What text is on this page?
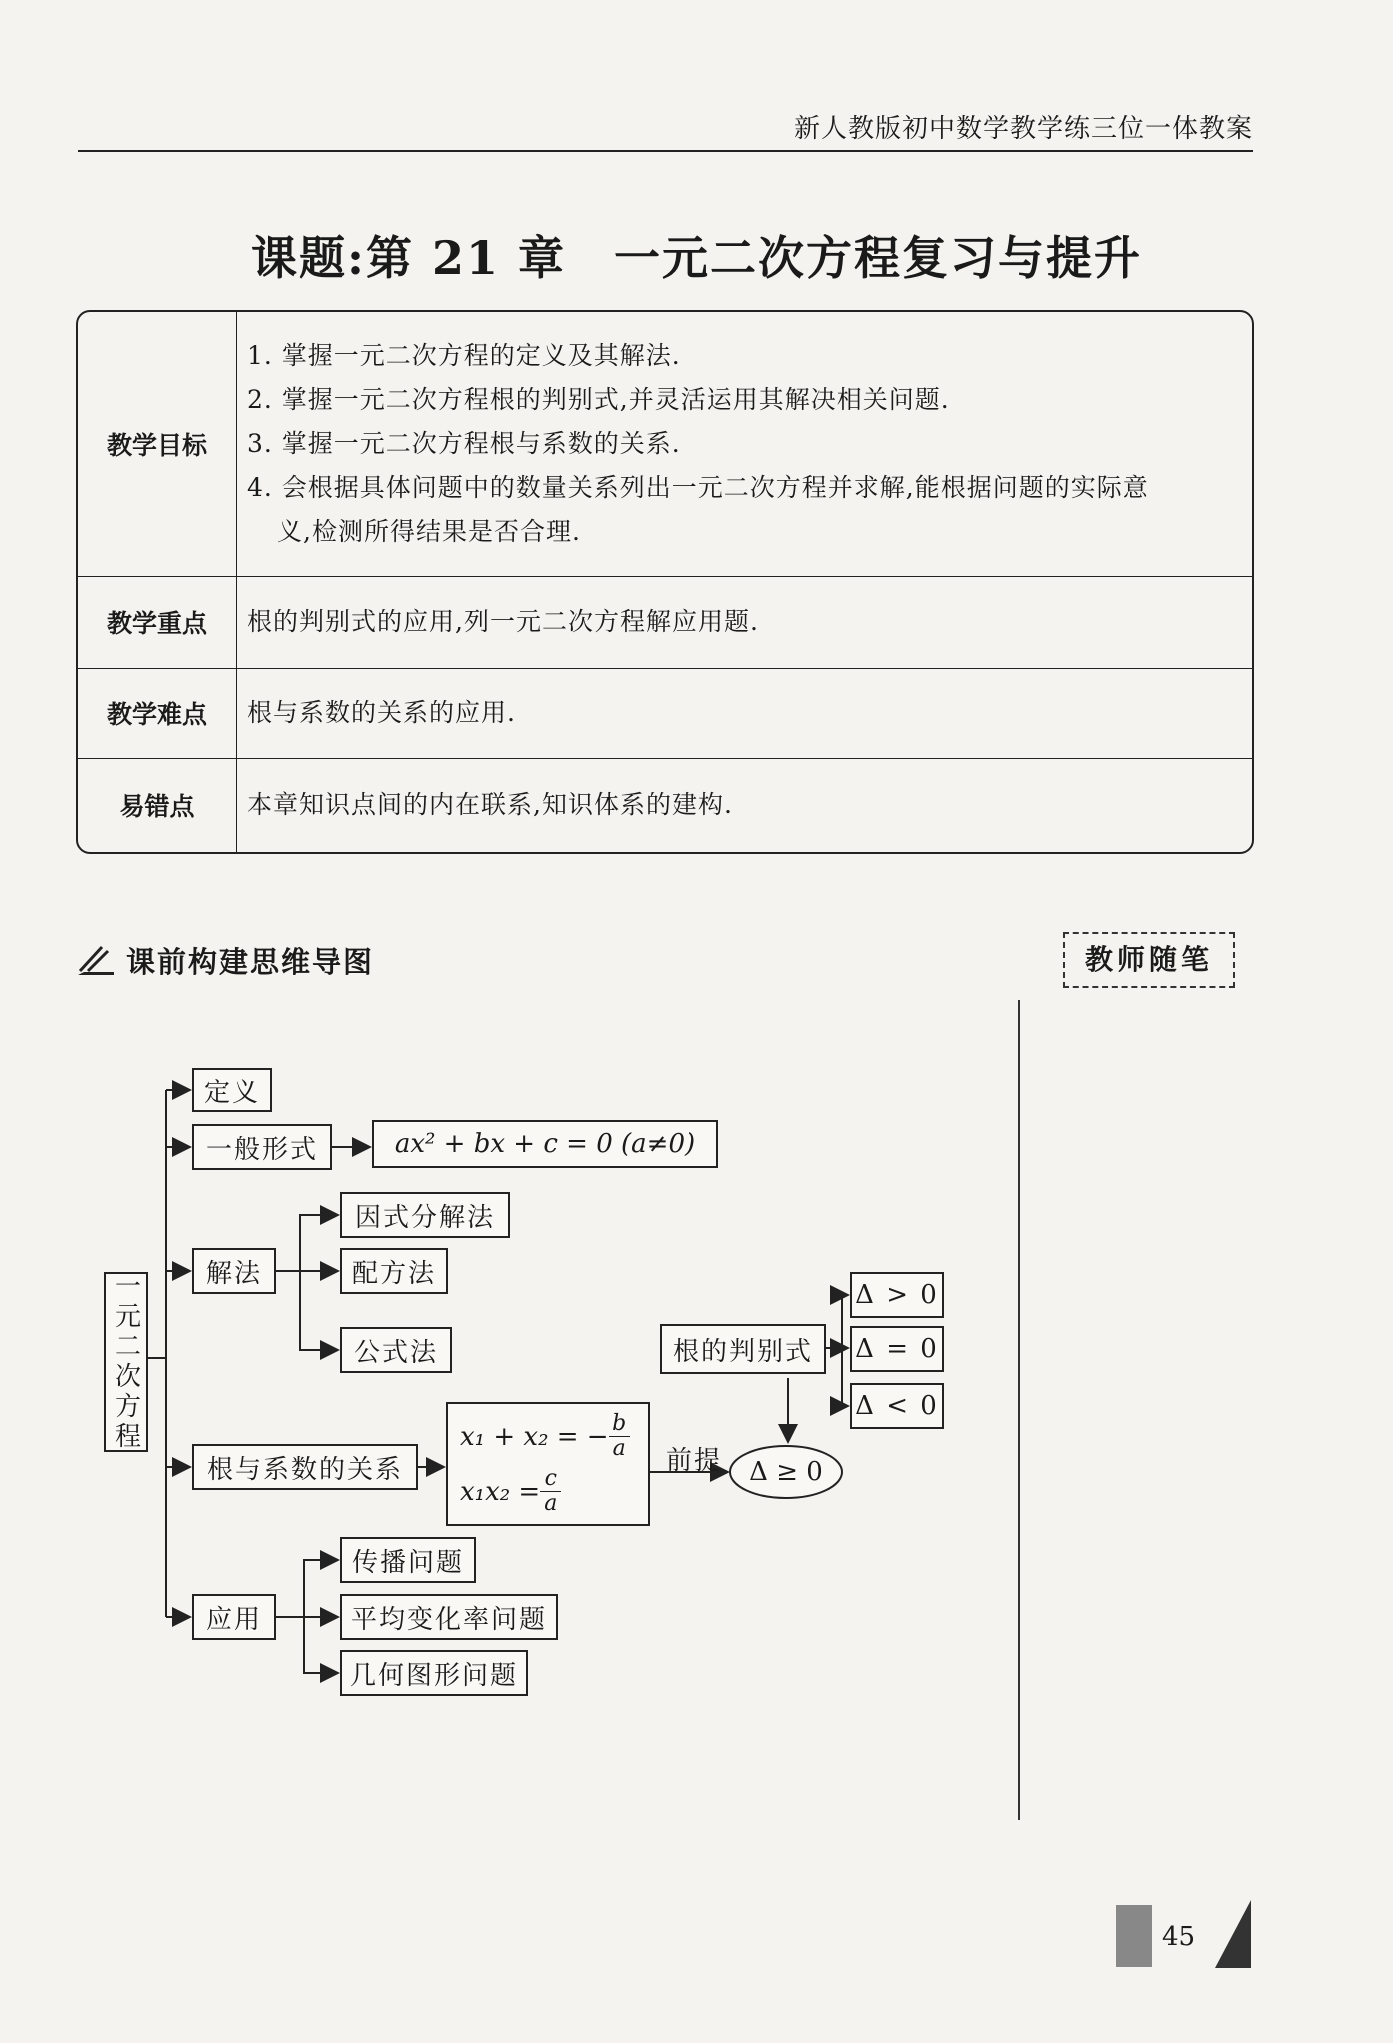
新人教版初中数学教学练三位一体教案
课题:第 21 章　一元二次方程复习与提升
教学目标	1. 掌握一元二次方程的定义及其解法.
2. 掌握一元二次方程根的判别式,并灵活运用其解决相关问题.
3. 掌握一元二次方程根与系数的关系.
4. 会根据具体问题中的数量关系列出一元二次方程并求解,能根据问题的实际意
义,检测所得结果是否合理.

教学重点	根的判别式的应用,列一元二次方程解应用题.
教学难点	根与系数的关系的应用.
易错点	本章知识点间的内在联系,知识体系的建构.
课前构建思维导图	教师随笔
一元二次方程
定义
一般形式	ax² + bx + c = 0 (a≠0)
解法
因式分解法
配方法
公式法
根与系数的关系
x₁ + x₂ = − $\frac{b}{a}$
$x_1x_2 = \frac{c}{a}$
前提
根的判别式
Δ ≥ 0
Δ > 0
Δ = 0
Δ < 0
应用
传播问题
平均变化率问题
几何图形问题
45
